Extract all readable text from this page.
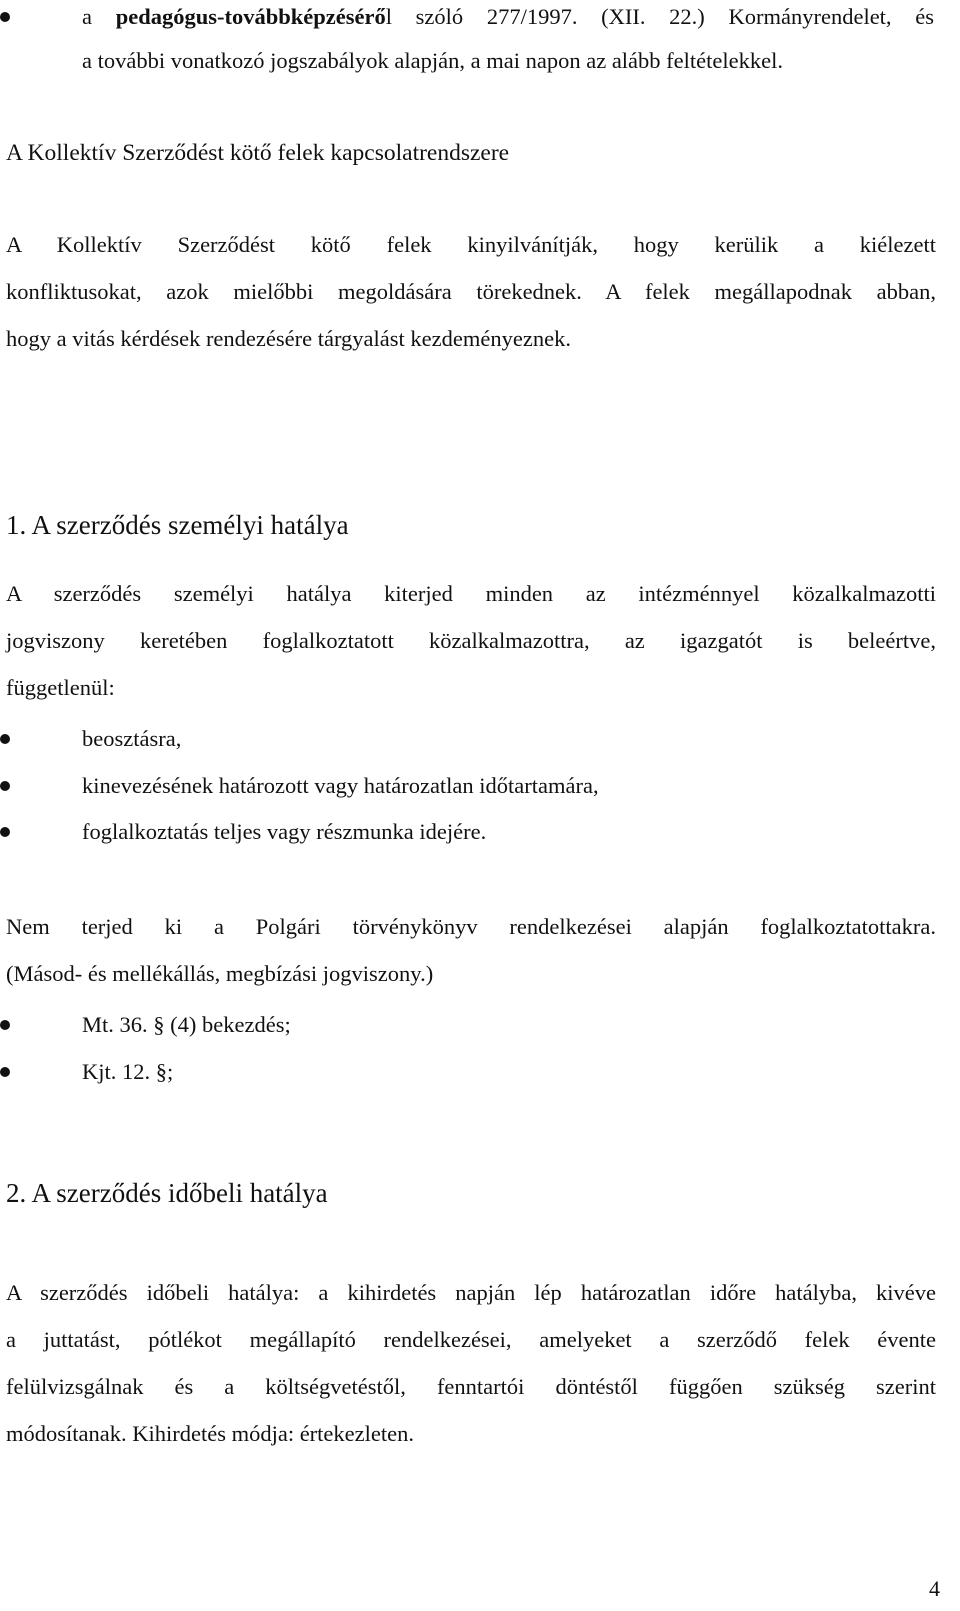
a pedagógus-továbbképzéséről szóló 277/1997. (XII. 22.) Kormányrendelet, és
a további vonatkozó jogszabályok alapján, a mai napon az alább feltételekkel.
A Kollektív Szerződést kötő felek kapcsolatrendszere
A Kollektív Szerződést kötő felek kinyilvánítják, hogy kerülik a kiélezett
konfliktusokat, azok mielőbbi megoldására törekednek. A felek megállapodnak abban,
hogy a vitás kérdések rendezésére tárgyalást kezdeményeznek.
1. A szerződés személyi hatálya
A szerződés személyi hatálya kiterjed minden az intézménnyel közalkalmazotti
jogviszony keretében foglalkoztatott közalkalmazottra, az igazgatót is beleértve,
függetlenül:
beosztásra,
kinevezésének határozott vagy határozatlan időtartamára,
foglalkoztatás teljes vagy részmunka idejére.
Nem terjed ki a Polgári törvénykönyv rendelkezései alapján foglalkoztatottakra.
(Másod- és mellékállás, megbízási jogviszony.)
Mt. 36. § (4) bekezdés;
Kjt. 12. §;
2. A szerződés időbeli hatálya
A szerződés időbeli hatálya: a kihirdetés napján lép határozatlan időre hatályba, kivéve
a juttatást, pótlékot megállapító rendelkezései, amelyeket a szerződő felek évente
felülvizsgálnak és a költségvetéstől, fenntartói döntéstől függően szükség szerint
módosítanak. Kihirdetés módja: értekezleten.
4
